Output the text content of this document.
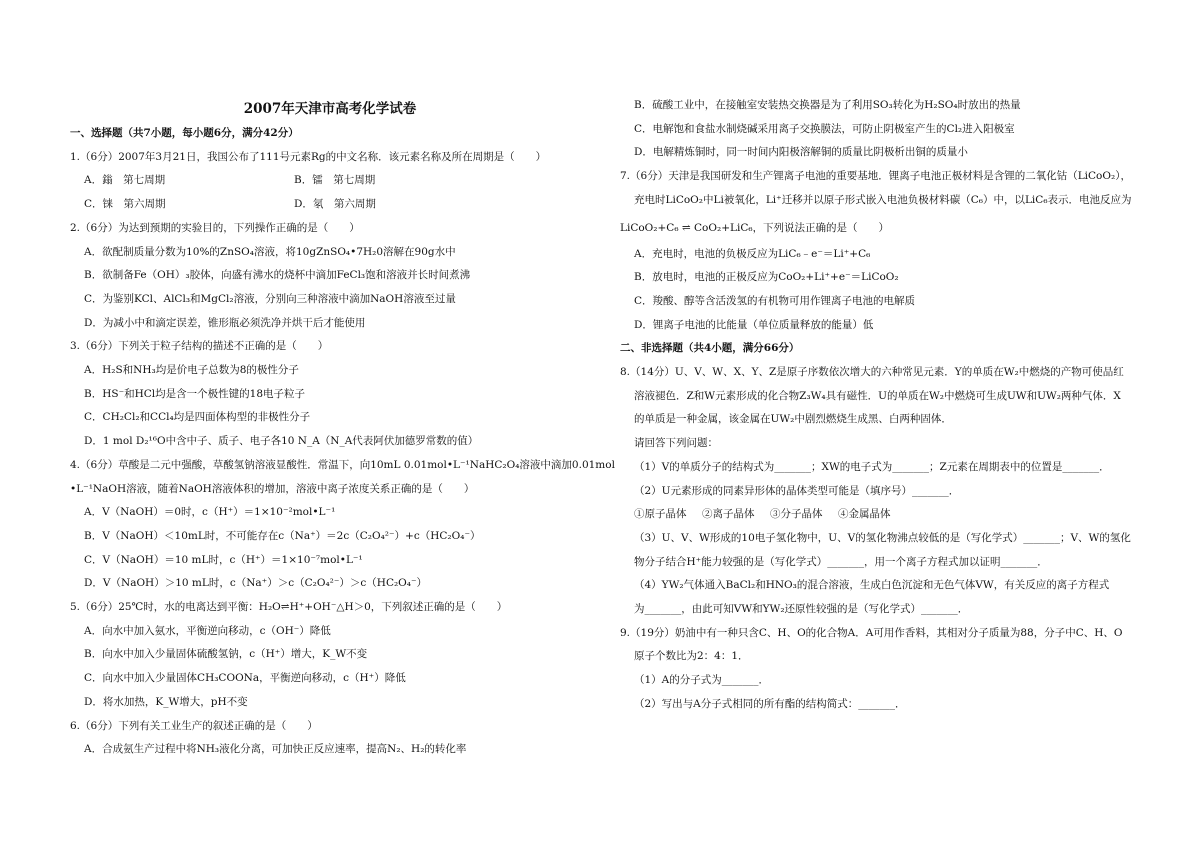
2007年天津市高考化学试卷
一、选择题（共7小题，每小题6分，满分42分）
1.（6分）2007年3月21日，我国公布了111号元素Rg的中文名称．该元素名称及所在周期是（　　）
A．鎓　第七周期	B．镭　第七周期
C．铼　第六周期	D．氡　第六周期
2.（6分）为达到预期的实验目的，下列操作正确的是（　　）
A．欲配制质量分数为10%的ZnSO₄溶液，将10gZnSO₄•7H₂0溶解在90g水中
B．欲制备Fe（OH）₃胶体，向盛有沸水的烧杯中滴加FeCl₃饱和溶液并长时间煮沸
C．为鉴别KCl、AlCl₃和MgCl₂溶液，分别向三种溶液中滴加NaOH溶液至过量
D．为减小中和滴定误差，锥形瓶必须洗净并烘干后才能使用
3.（6分）下列关于粒子结构的描述不正确的是（　　）
A．H₂S和NH₃均是价电子总数为8的极性分子
B．HS⁻和HCl均是含一个极性键的18电子粒子
C．CH₂Cl₂和CCl₄均是四面体构型的非极性分子
D．1 mol D₂¹⁶O中含中子、质子、电子各10 N_A（N_A代表阿伏加德罗常数的值）
4.（6分）草酸是二元中强酸，草酸氢钠溶液显酸性．常温下，向10mL 0.01mol•L⁻¹NaHC₂O₄溶液中滴加0.01mol
•L⁻¹NaOH溶液，随着NaOH溶液体积的增加，溶液中离子浓度关系正确的是（　　）
A．V（NaOH）＝0时，c（H⁺）＝1×10⁻²mol•L⁻¹
B．V（NaOH）＜10mL时，不可能存在c（Na⁺）＝2c（C₂O₄²⁻）+c（HC₂O₄⁻）
C．V（NaOH）＝10 mL时，c（H⁺）＝1×10⁻⁷mol•L⁻¹
D．V（NaOH）＞10 mL时，c（Na⁺）＞c（C₂O₄²⁻）＞c（HC₂O₄⁻）
5.（6分）25℃时，水的电离达到平衡：H₂O⇌H⁺+OH⁻△H＞0，下列叙述正确的是（　　）
A．向水中加入氨水，平衡逆向移动，c（OH⁻）降低
B．向水中加入少量固体硫酸氢钠，c（H⁺）增大，K_W不变
C．向水中加入少量固体CH₃COONa，平衡逆向移动，c（H⁺）降低
D．将水加热，K_W增大，pH不变
6.（6分）下列有关工业生产的叙述正确的是（　　）
A．合成氨生产过程中将NH₃液化分离，可加快正反应速率，提高N₂、H₂的转化率
B．硫酸工业中，在接触室安装热交换器是为了利用SO₃转化为H₂SO₄时放出的热量
C．电解饱和食盐水制烧碱采用离子交换膜法，可防止阴极室产生的Cl₂进入阳极室
D．电解精炼铜时，同一时间内阳极溶解铜的质量比阴极析出铜的质量小
7.（6分）天津是我国研发和生产锂离子电池的重要基地．锂离子电池正极材料是含锂的二氧化钴（LiCoO₂），
充电时LiCoO₂中Li被氧化，Li⁺迁移并以原子形式嵌入电池负极材料碳（C₆）中，以LiC₆表示．电池反应为
LiCoO₂+C₆ ⇌ CoO₂+LiC₆，下列说法正确的是（　　）
A．充电时，电池的负极反应为LiC₆﹣e⁻＝Li⁺+C₆
B．放电时，电池的正极反应为CoO₂+Li⁺+e⁻＝LiCoO₂
C．羧酸、醇等含活泼氢的有机物可用作锂离子电池的电解质
D．锂离子电池的比能量（单位质量释放的能量）低
二、非选择题（共4小题，满分66分）
8.（14分）U、V、W、X、Y、Z是原子序数依次增大的六种常见元素．Y的单质在W₂中燃烧的产物可使品红
溶液褪色．Z和W元素形成的化合物Z₃W₄具有磁性．U的单质在W₂中燃烧可生成UW和UW₂两种气体．X
的单质是一种金属，该金属在UW₂中剧烈燃烧生成黑、白两种固体．
请回答下列问题：
（1）V的单质分子的结构式为_______；XW的电子式为_______；Z元素在周期表中的位置是_______．
（2）U元素形成的同素异形体的晶体类型可能是（填序号）_______．
①原子晶体	②离子晶体	③分子晶体	④金属晶体
（3）U、V、W形成的10电子氢化物中，U、V的氢化物沸点较低的是（写化学式）_______；V、W的氢化
物分子结合H⁺能力较强的是（写化学式）_______，用一个离子方程式加以证明_______．
（4）YW₂气体通入BaCl₂和HNO₃的混合溶液，生成白色沉淀和无色气体VW，有关反应的离子方程式
为_______，由此可知VW和YW₂还原性较强的是（写化学式）_______．
9.（19分）奶油中有一种只含C、H、O的化合物A．A可用作香料，其相对分子质量为88，分子中C、H、O
原子个数比为2：4：1．
（1）A的分子式为_______．
（2）写出与A分子式相同的所有酯的结构简式：_______．
